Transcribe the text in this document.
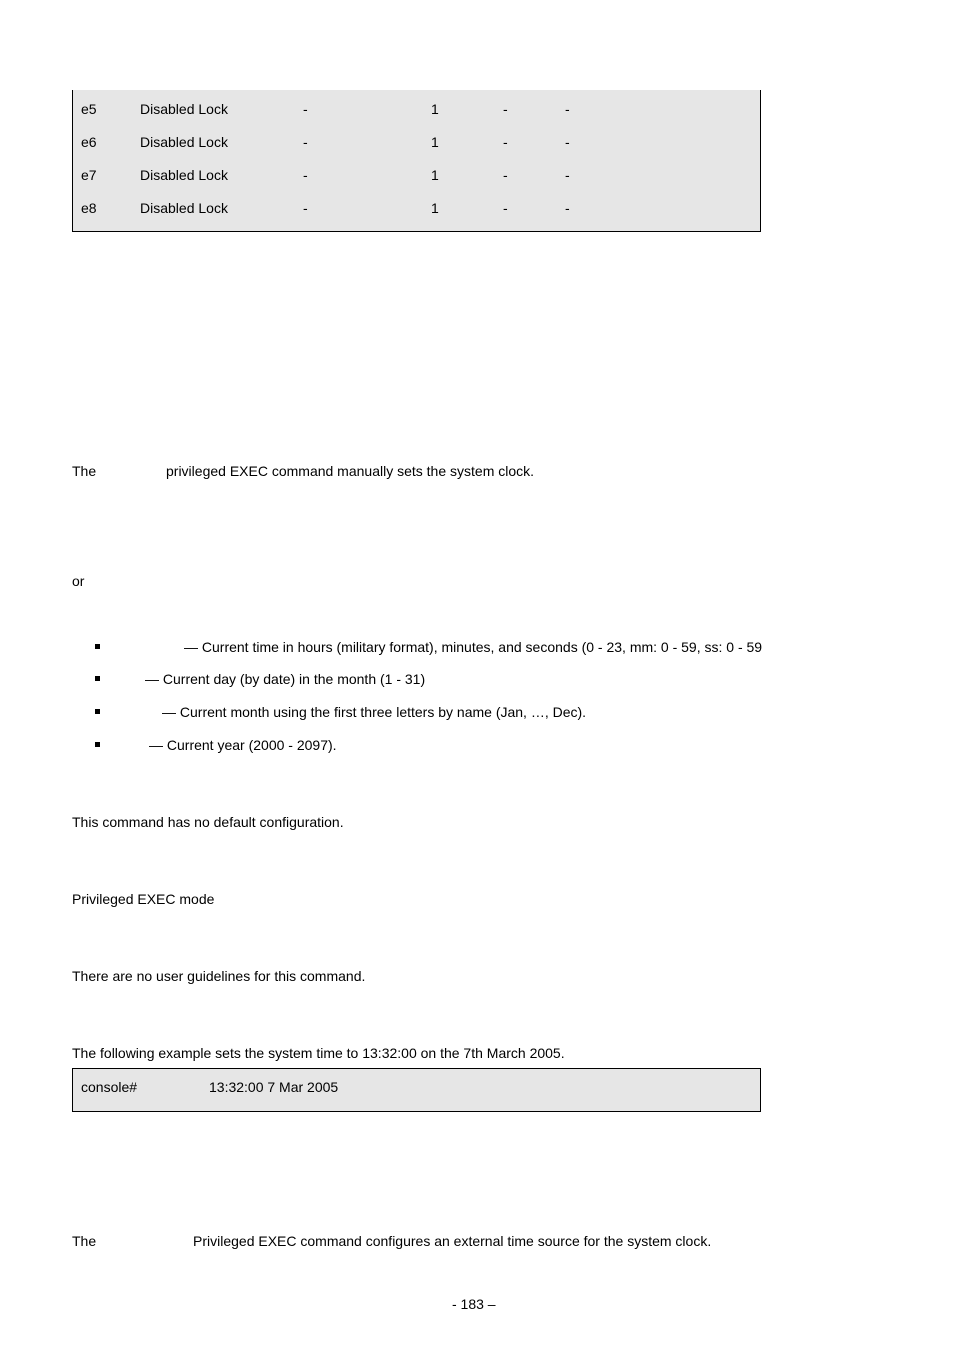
e5	Disabled Lock	-	1	-	-
e6	Disabled Lock	-	1	-	-
e7	Disabled Lock	-	1	-	-
e8	Disabled Lock	-	1	-	-
The	privileged EXEC command manually sets the system clock.
or
— Current time in hours (military format), minutes, and seconds (0 - 23, mm: 0 - 59, ss: 0 - 59
— Current day (by date) in the month (1 - 31)
— Current month using the first three letters by name (Jan, …, Dec).
— Current year (2000 - 2097).
This command has no default configuration.
Privileged EXEC mode
There are no user guidelines for this command.
The following example sets the system time to 13:32:00 on the 7th March 2005.
console#	13:32:00 7 Mar 2005
The	Privileged EXEC command configures an external time source for the system clock.
- 183 –
